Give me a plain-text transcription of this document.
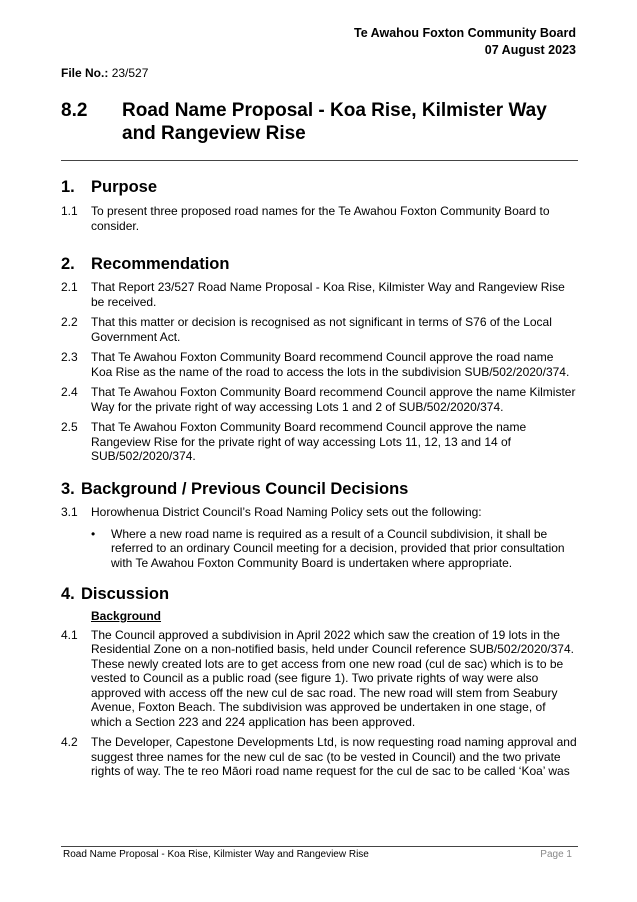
Te Awahou Foxton Community Board
07 August 2023
File No.: 23/527
8.2 Road Name Proposal - Koa Rise, Kilmister Way and Rangeview Rise
1. Purpose
1.1 To present three proposed road names for the Te Awahou Foxton Community Board to consider.
2. Recommendation
2.1 That Report 23/527 Road Name Proposal - Koa Rise, Kilmister Way and Rangeview Rise be received.
2.2 That this matter or decision is recognised as not significant in terms of S76 of the Local Government Act.
2.3 That Te Awahou Foxton Community Board recommend Council approve the road name Koa Rise as the name of the road to access the lots in the subdivision SUB/502/2020/374.
2.4 That Te Awahou Foxton Community Board recommend Council approve the name Kilmister Way for the private right of way accessing Lots 1 and 2 of SUB/502/2020/374.
2.5 That Te Awahou Foxton Community Board recommend Council approve the name Rangeview Rise for the private right of way accessing Lots 11, 12, 13 and 14 of SUB/502/2020/374.
3. Background / Previous Council Decisions
3.1 Horowhenua District Council’s Road Naming Policy sets out the following:
• Where a new road name is required as a result of a Council subdivision, it shall be referred to an ordinary Council meeting for a decision, provided that prior consultation with Te Awahou Foxton Community Board is undertaken where appropriate.
4. Discussion
Background
4.1 The Council approved a subdivision in April 2022 which saw the creation of 19 lots in the Residential Zone on a non-notified basis, held under Council reference SUB/502/2020/374. These newly created lots are to get access from one new road (cul de sac) which is to be vested to Council as a public road (see figure 1). Two private rights of way were also approved with access off the new cul de sac road. The new road will stem from Seabury Avenue, Foxton Beach. The subdivision was approved be undertaken in one stage, of which a Section 223 and 224 application has been approved.
4.2 The Developer, Capestone Developments Ltd, is now requesting road naming approval and suggest three names for the new cul de sac (to be vested in Council) and the two private rights of way. The te reo Māori road name request for the cul de sac to be called ‘Koa’ was
Road Name Proposal - Koa Rise, Kilmister Way and Rangeview Rise	Page 1
